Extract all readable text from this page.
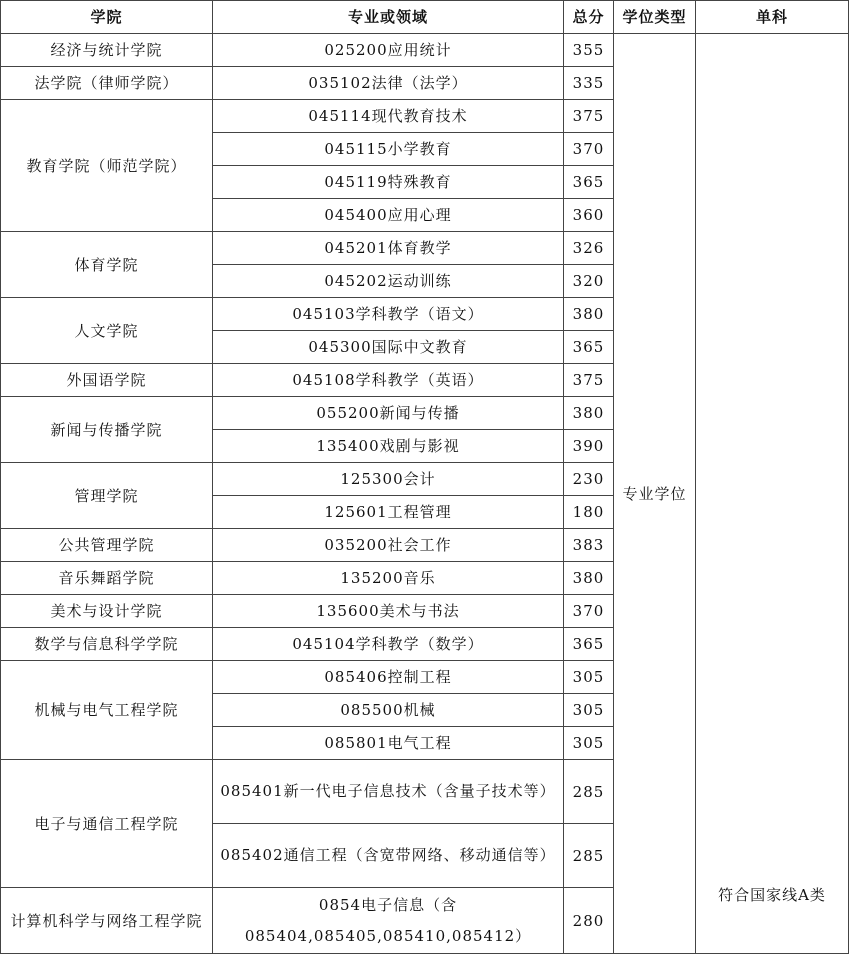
学院	专业或领域	总分	学位类型	单科
经济与统计学院	025200应用统计	355	专业学位	符合国家线A类
法学院（律师学院）	035102法律（法学）	335		
教育学院（师范学院）	045114现代教育技术	375		
	045115小学教育	370		
	045119特殊教育	365		
	045400应用心理	360		
体育学院	045201体育教学	326		
	045202运动训练	320		
人文学院	045103学科教学（语文）	380		
	045300国际中文教育	365		
外国语学院	045108学科教学（英语）	375		
新闻与传播学院	055200新闻与传播	380		
	135400戏剧与影视	390		
管理学院	125300会计	230		
	125601工程管理	180		
公共管理学院	035200社会工作	383		
音乐舞蹈学院	135200音乐	380		
美术与设计学院	135600美术与书法	370		
数学与信息科学学院	045104学科教学（数学）	365		
机械与电气工程学院	085406控制工程	305		
	085500机械	305		
	085801电气工程	305		
电子与通信工程学院	085401新一代电子信息技术（含量子技术等）	285		
	085402通信工程（含宽带网络、移动通信等）	285		
计算机科学与网络工程学院	0854电子信息（含085404,085405,085410,085412）	280		
